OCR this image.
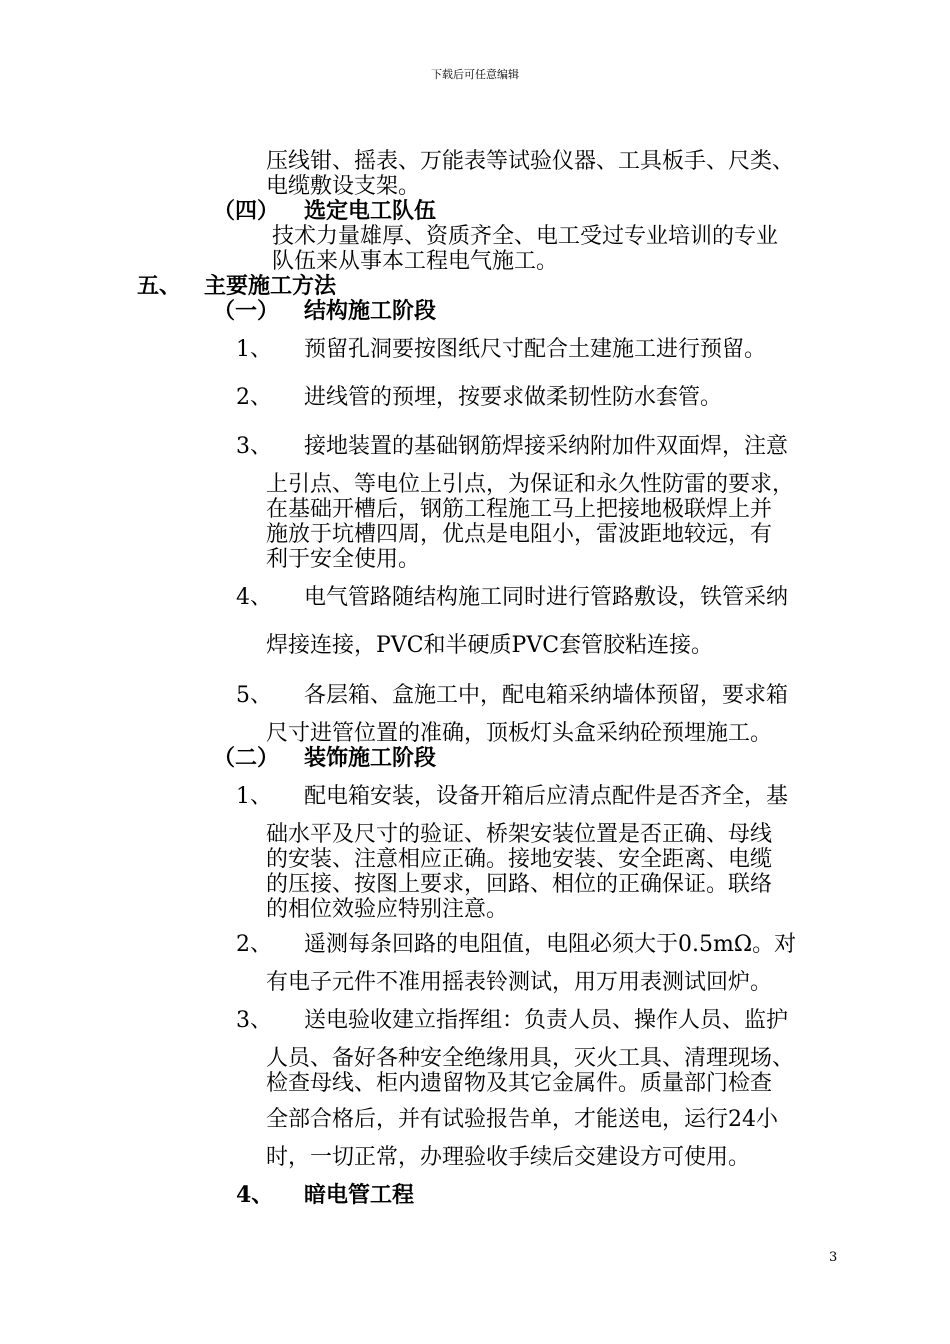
下载后可任意编辑
压线钳、摇表、万能表等试验仪器、工具板手、尺类、
电缆敷设支架。
（四） 选定电工队伍
技术力量雄厚、资质齐全、电工受过专业培训的专业
队伍来从事本工程电气施工。
五、 主要施工方法
（一） 结构施工阶段
1、 预留孔洞要按图纸尺寸配合土建施工进行预留。
2、 进线管的预埋，按要求做柔韧性防水套管。
3、 接地装置的基础钢筋焊接采纳附加件双面焊，注意
上引点、等电位上引点，为保证和永久性防雷的要求，
在基础开槽后，钢筋工程施工马上把接地极联焊上并
施放于坑槽四周，优点是电阻小，雷波距地较远，有
利于安全使用。
4、 电气管路随结构施工同时进行管路敷设，铁管采纳
焊接连接，PVC和半硬质PVC套管胶粘连接。
5、 各层箱、盒施工中，配电箱采纳墙体预留，要求箱
尺寸进管位置的准确，顶板灯头盒采纳砼预埋施工。
（二） 装饰施工阶段
1、 配电箱安装，设备开箱后应清点配件是否齐全，基
础水平及尺寸的验证、桥架安装位置是否正确、母线
的安装、注意相应正确。接地安装、安全距离、电缆
的压接、按图上要求，回路、相位的正确保证。联络
的相位效验应特别注意。
2、 遥测每条回路的电阻值，电阻必须大于0.5mΩ。对
有电子元件不准用摇表铃测试，用万用表测试回炉。
3、 送电验收建立指挥组：负责人员、操作人员、监护
人员、备好各种安全绝缘用具，灭火工具、清理现场、
检查母线、柜内遗留物及其它金属件。质量部门检查
全部合格后，并有试验报告单，才能送电，运行24小
时，一切正常，办理验收手续后交建设方可使用。
4、 暗电管工程
3
